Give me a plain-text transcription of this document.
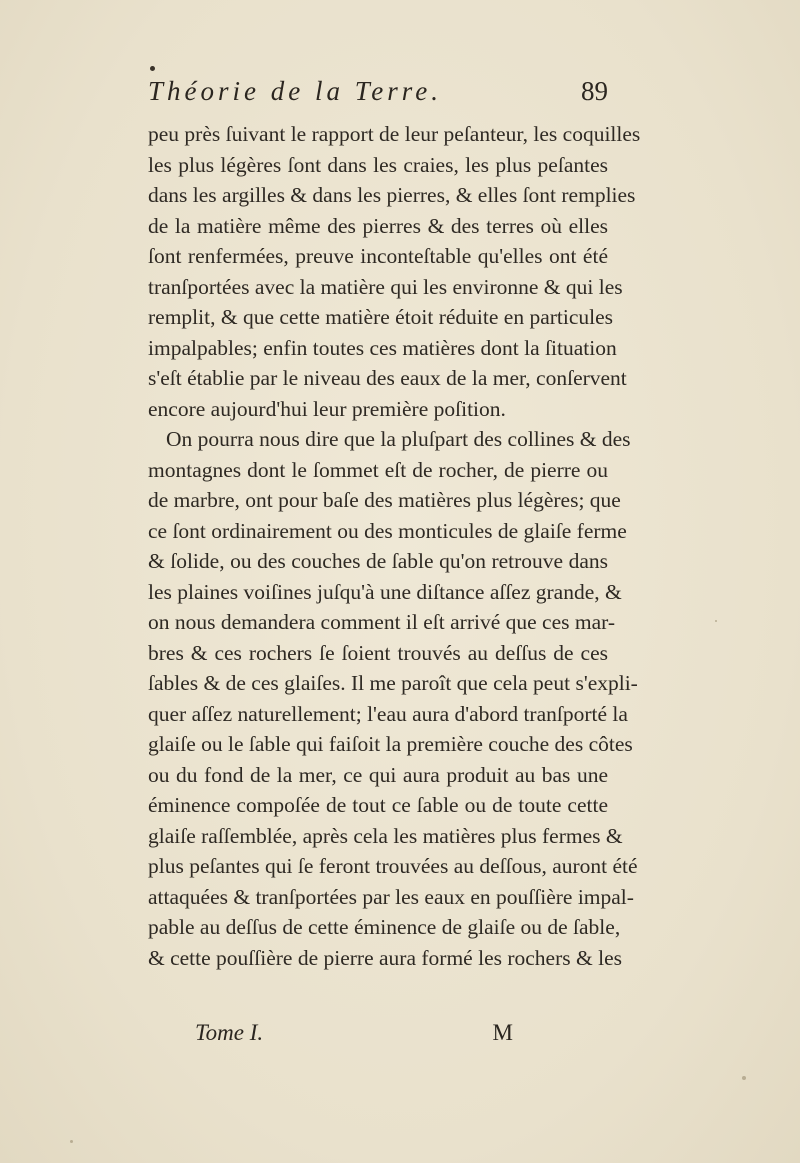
Théorie de la Terre.	89
peu près ſuivant le rapport de leur peſanteur, les coquilles
les plus légères ſont dans les craies, les plus peſantes
dans les argilles & dans les pierres, & elles ſont remplies
de la matière même des pierres & des terres où elles
ſont renfermées, preuve inconteſtable qu'elles ont été
tranſportées avec la matière qui les environne & qui les
remplit, & que cette matière étoit réduite en particules
impalpables; enfin toutes ces matières dont la ſituation
s'eſt établie par le niveau des eaux de la mer, conſervent
encore aujourd'hui leur première poſition.
On pourra nous dire que la pluſpart des collines & des
montagnes dont le ſommet eſt de rocher, de pierre ou
de marbre, ont pour baſe des matières plus légères; que
ce ſont ordinairement ou des monticules de glaiſe ferme
& ſolide, ou des couches de ſable qu'on retrouve dans
les plaines voiſines juſqu'à une diſtance aſſez grande, &
on nous demandera comment il eſt arrivé que ces mar-
bres & ces rochers ſe ſoient trouvés au deſſus de ces
ſables & de ces glaiſes. Il me paroît que cela peut s'expli-
quer aſſez naturellement; l'eau aura d'abord tranſporté la
glaiſe ou le ſable qui faiſoit la première couche des côtes
ou du fond de la mer, ce qui aura produit au bas une
éminence compoſée de tout ce ſable ou de toute cette
glaiſe raſſemblée, après cela les matières plus fermes &
plus peſantes qui ſe feront trouvées au deſſous, auront été
attaquées & tranſportées par les eaux en pouſſière impal-
pable au deſſus de cette éminence de glaiſe ou de ſable,
& cette pouſſière de pierre aura formé les rochers & les
Tome I.	M
